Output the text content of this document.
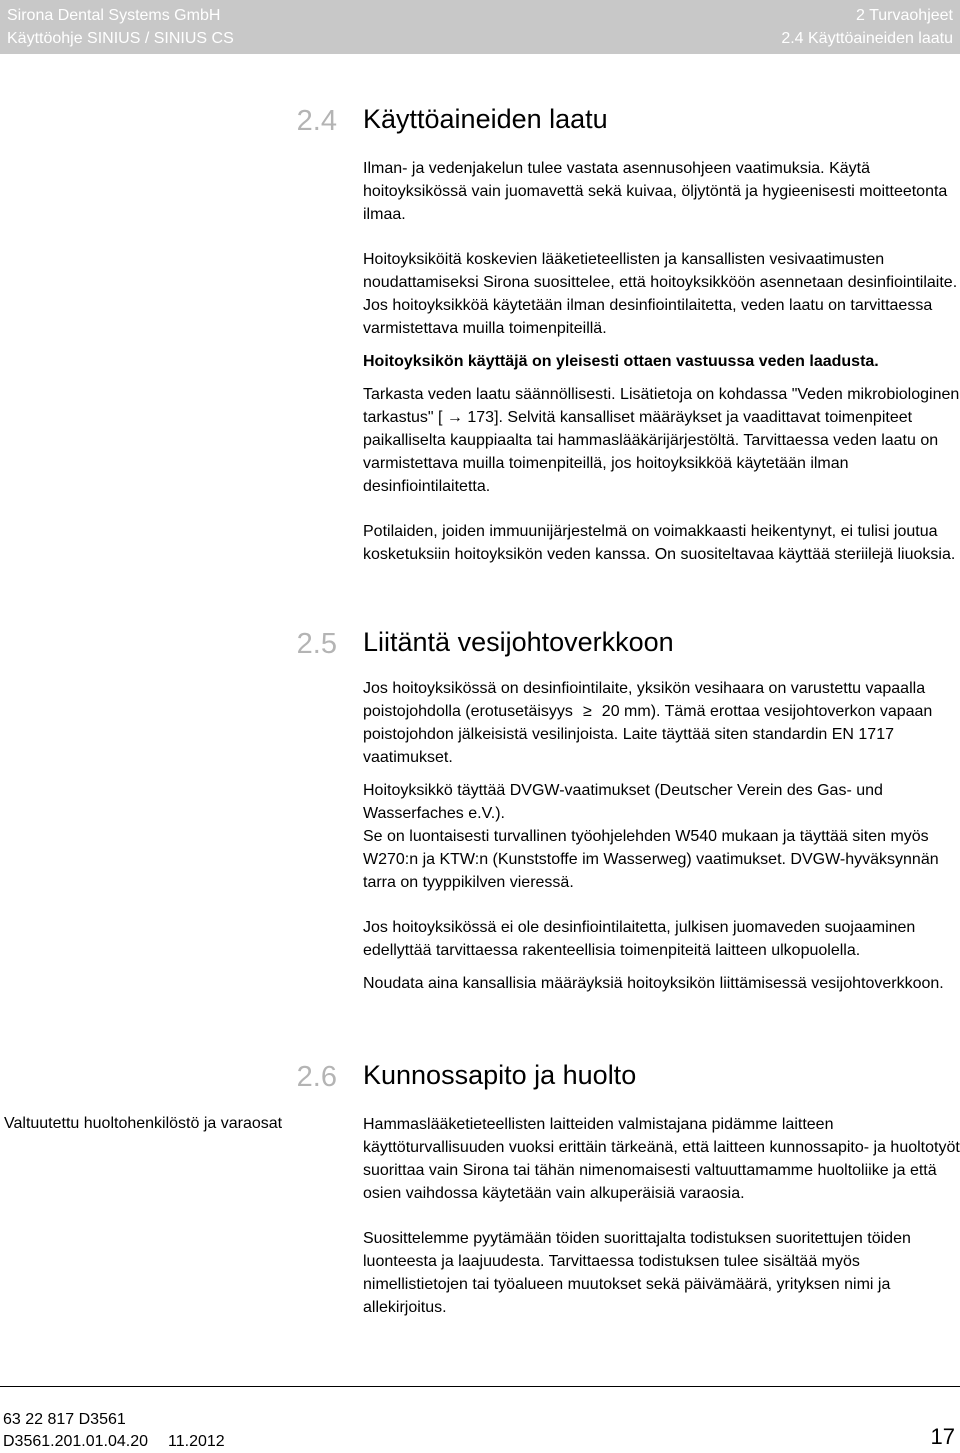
Sirona Dental Systems GmbH
Käyttöohje SINIUS / SINIUS CS
2 Turvaohjeet
2.4 Käyttöaineiden laatu
2.4 Käyttöaineiden laatu

Ilman- ja vedenjakelun tulee vastata asennusohjeen vaatimuksia. Käytä hoitoyksikössä vain juomavettä sekä kuivaa, öljytöntä ja hygieenisesti moitteetonta ilmaa.

Hoitoyksiköitä koskevien lääketieteellisten ja kansallisten vesivaatimusten noudattamiseksi Sirona suosittelee, että hoitoyksikköön asennetaan desinfiointilaite. Jos hoitoyksikköä käytetään ilman desinfiointilaitetta, veden laatu on tarvittaessa varmistettava muilla toimenpiteillä.

Hoitoyksikön käyttäjä on yleisesti ottaen vastuussa veden laadusta.

Tarkasta veden laatu säännöllisesti. Lisätietoja on kohdassa "Veden mikrobiologinen tarkastus" [ → 173]. Selvitä kansalliset määräykset ja vaadittavat toimenpiteet paikalliselta kauppiaalta tai hammaslääkärijärjestöltä. Tarvittaessa veden laatu on varmistettava muilla toimenpiteillä, jos hoitoyksikköä käytetään ilman desinfiointilaitetta.

Potilaiden, joiden immuunijärjestelmä on voimakkaasti heikentynyt, ei tulisi joutua kosketuksiin hoitoyksikön veden kanssa. On suositeltavaa käyttää steriilejä liuoksia.

2.5 Liitäntä vesijohtoverkkoon

Jos hoitoyksikössä on desinfiointilaite, yksikön vesihaara on varustettu vapaalla poistojohdolla (erotusetäisyys ≥ 20 mm). Tämä erottaa vesijohtoverkon vapaan poistojohdon jälkeisistä vesilinjoista. Laite täyttää siten standardin EN 1717 vaatimukset.

Hoitoyksikkö täyttää DVGW-vaatimukset (Deutscher Verein des Gas- und Wasserfaches e.V.).

Se on luontaisesti turvallinen työohjelehden W540 mukaan ja täyttää siten myös W270:n ja KTW:n (Kunststoffe im Wasserweg) vaatimukset. DVGW-hyväksynnän tarra on tyyppikilven vieressä.

Jos hoitoyksikössä ei ole desinfiointilaitetta, julkisen juomaveden suojaaminen edellyttää tarvittaessa rakenteellisia toimenpiteitä laitteen ulkopuolella.

Noudata aina kansallisia määräyksiä hoitoyksikön liittämisessä vesijohtoverkkoon.

2.6 Kunnossapito ja huolto
Valtuutettu huoltohenkilöstö ja varaosat	Hammaslääketieteellisten laitteiden valmistajana pidämme laitteen käyttöturvallisuuden vuoksi erittäin tärkeänä, että laitteen kunnossapito- ja huoltotyöt suorittaa vain Sirona tai tähän nimenomaisesti valtuuttamamme huoltoliike ja että osien vaihdossa käytetään vain alkuperäisiä varaosia.

Suosittelemme pyytämään töiden suorittajalta todistuksen suoritettujen töiden luonteesta ja laajuudesta. Tarvittaessa todistuksen tulee sisältää myös nimellistietojen tai työalueen muutokset sekä päivämäärä, yrityksen nimi ja allekirjoitus.

63 22 817 D3561
D3561.201.01.04.20 11.2012	17
